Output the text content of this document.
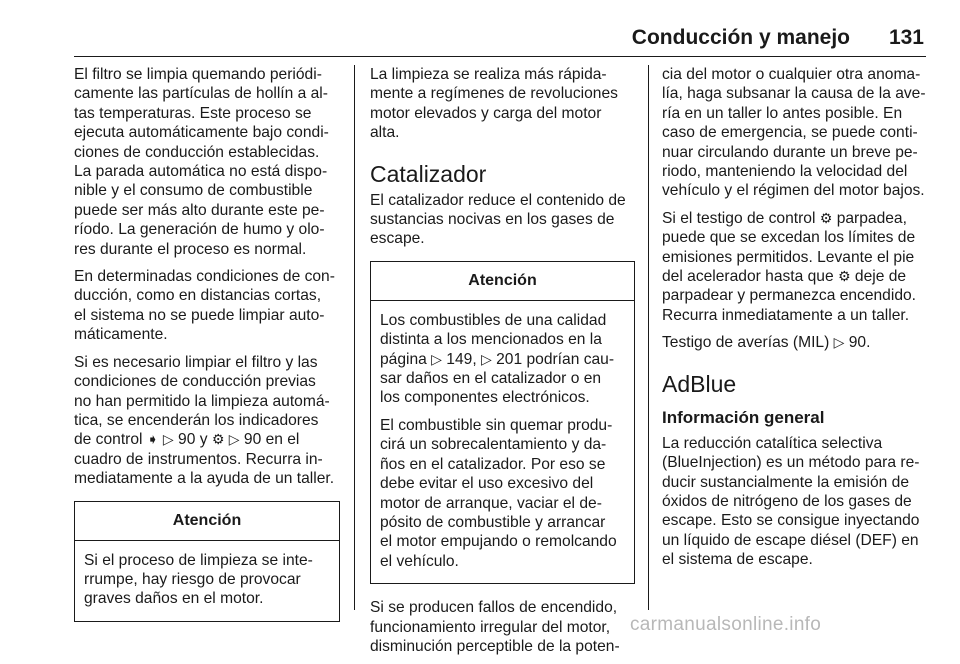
Conducción y manejo	131

El filtro se limpia quemando periódi-
camente las partículas de hollín a al-
tas temperaturas. Este proceso se
ejecuta automáticamente bajo condi-
ciones de conducción establecidas.
La parada automática no está dispo-
nible y el consumo de combustible
puede ser más alto durante este pe-
ríodo. La generación de humo y olo-
res durante el proceso es normal.

En determinadas condiciones de con-
ducción, como en distancias cortas,
el sistema no se puede limpiar auto-
máticamente.

Si es necesario limpiar el filtro y las
condiciones de conducción previas
no han permitido la limpieza automá-
tica, se encenderán los indicadores
de control ➧ ▷ 90 y ⚙ ▷ 90 en el
cuadro de instrumentos. Recurra in-
mediatamente a la ayuda de un taller.

Atención

Si el proceso de limpieza se inte-
rrumpe, hay riesgo de provocar
graves daños en el motor.

La limpieza se realiza más rápida-
mente a regímenes de revoluciones
motor elevados y carga del motor
alta.

Catalizador

El catalizador reduce el contenido de
sustancias nocivas en los gases de
escape.

Atención

Los combustibles de una calidad
distinta a los mencionados en la
página ▷ 149, ▷ 201 podrían cau-
sar daños en el catalizador o en
los componentes electrónicos.

El combustible sin quemar produ-
cirá un sobrecalentamiento y da-
ños en el catalizador. Por eso se
debe evitar el uso excesivo del
motor de arranque, vaciar el de-
pósito de combustible y arrancar
el motor empujando o remolcando
el vehículo.

Si se producen fallos de encendido,
funcionamiento irregular del motor,
disminución perceptible de la poten-

cia del motor o cualquier otra anoma-
lía, haga subsanar la causa de la ave-
ría en un taller lo antes posible. En
caso de emergencia, se puede conti-
nuar circulando durante un breve pe-
riodo, manteniendo la velocidad del
vehículo y el régimen del motor bajos.

Si el testigo de control ⚙ parpadea,
puede que se excedan los límites de
emisiones permitidos. Levante el pie
del acelerador hasta que ⚙ deje de
parpadear y permanezca encendido.
Recurra inmediatamente a un taller.

Testigo de averías (MIL) ▷ 90.

AdBlue
Información general

La reducción catalítica selectiva
(BlueInjection) es un método para re-
ducir sustancialmente la emisión de
óxidos de nitrógeno de los gases de
escape. Esto se consigue inyectando
un líquido de escape diésel (DEF) en
el sistema de escape.

carmanualsonline.info
